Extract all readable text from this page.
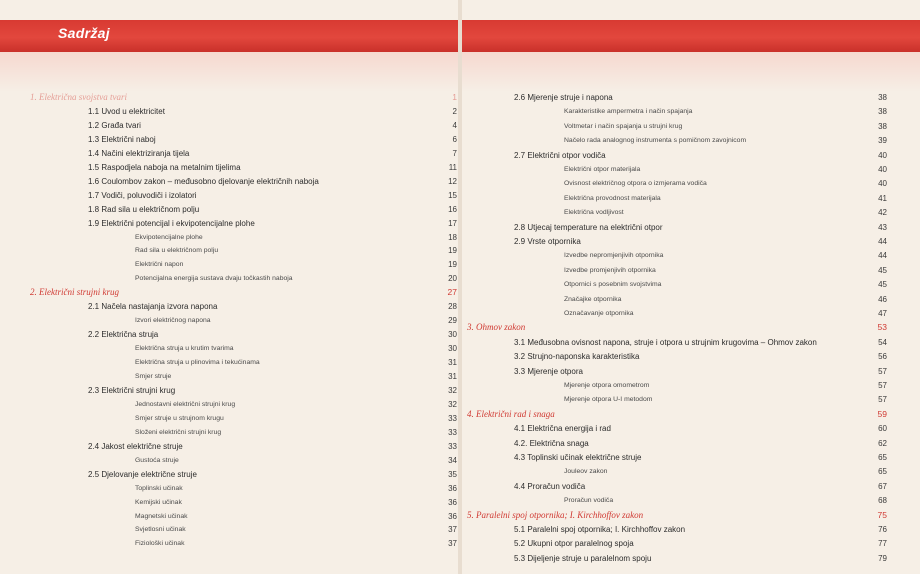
Sadržaj
1. Električna svojstva tvari	1
1.1 Uvod u elektricitet	2
1.2 Građa tvari	4
1.3 Električni naboj	6
1.4 Načini elektriziranja tijela	7
1.5 Raspodjela naboja na metalnim tijelima	11
1.6 Coulombov zakon – međusobno djelovanje električnih naboja	12
1.7 Vodiči, poluvodiči i izolatori	15
1.8 Rad sila u električnom polju	16
1.9 Električni potencijal i ekvipotencijalne plohe	17
Ekvipotencijalne plohe	18
Rad sila u električnom polju	19
Električni napon	19
Potencijalna energija sustava dvaju točkastih naboja	20
2. Električni strujni krug	27
2.1 Načela nastajanja izvora napona	28
Izvori električnog napona	29
2.2 Električna struja	30
Električna struja u krutim tvarima	30
Električna struja u plinovima i tekućinama	31
Smjer struje	31
2.3 Električni strujni krug	32
Jednostavni električni strujni krug	32
Smjer struje u strujnom krugu	33
Složeni električni strujni krug	33
2.4 Jakost električne struje	33
Gustoća struje	34
2.5 Djelovanje električne struje	35
Toplinski učinak	36
Kemijski učinak	36
Magnetski učinak	36
Svjetlosni učinak	37
Fiziološki učinak	37
2.6 Mjerenje struje i napona	38
Karakteristike ampermetra i način spajanja	38
Voltmetar i način spajanja u strujni krug	38
Načelo rada analognog instrumenta s pomičnom zavojnicom	39
2.7 Električni otpor vodiča	40
Električni otpor materijala	40
Ovisnost električnog otpora o izmjerama vodiča	40
Električna provodnost materijala	41
Električna vodljivost	42
2.8 Utjecaj temperature na električni otpor	43
2.9 Vrste otpornika	44
Izvedbe nepromjenjivih otpornika	44
Izvedbe promjenjivih otpornika	45
Otpornici s posebnim svojstvima	45
Značajke otpornika	46
Označavanje otpornika	47
3. Ohmov zakon	53
3.1 Međusobna ovisnost napona, struje i otpora u strujnim krugovima – Ohmov zakon	54
3.2 Strujno-naponska karakteristika	56
3.3 Mjerenje otpora	57
Mjerenje otpora omometrom	57
Mjerenje otpora U-I metodom	57
4. Električni rad i snaga	59
4.1 Električna energija i rad	60
4.2. Električna snaga	62
4.3 Toplinski učinak električne struje	65
Jouleov zakon	65
4.4 Proračun vodiča	67
Proračun vodiča	68
5. Paralelni spoj otpornika; I. Kirchhoffov zakon	75
5.1 Paralelni spoj otpornika; I. Kirchhoffov zakon	76
5.2 Ukupni otpor paralelnog spoja	77
5.3 Dijeljenje struje u paralelnom spoju	79
